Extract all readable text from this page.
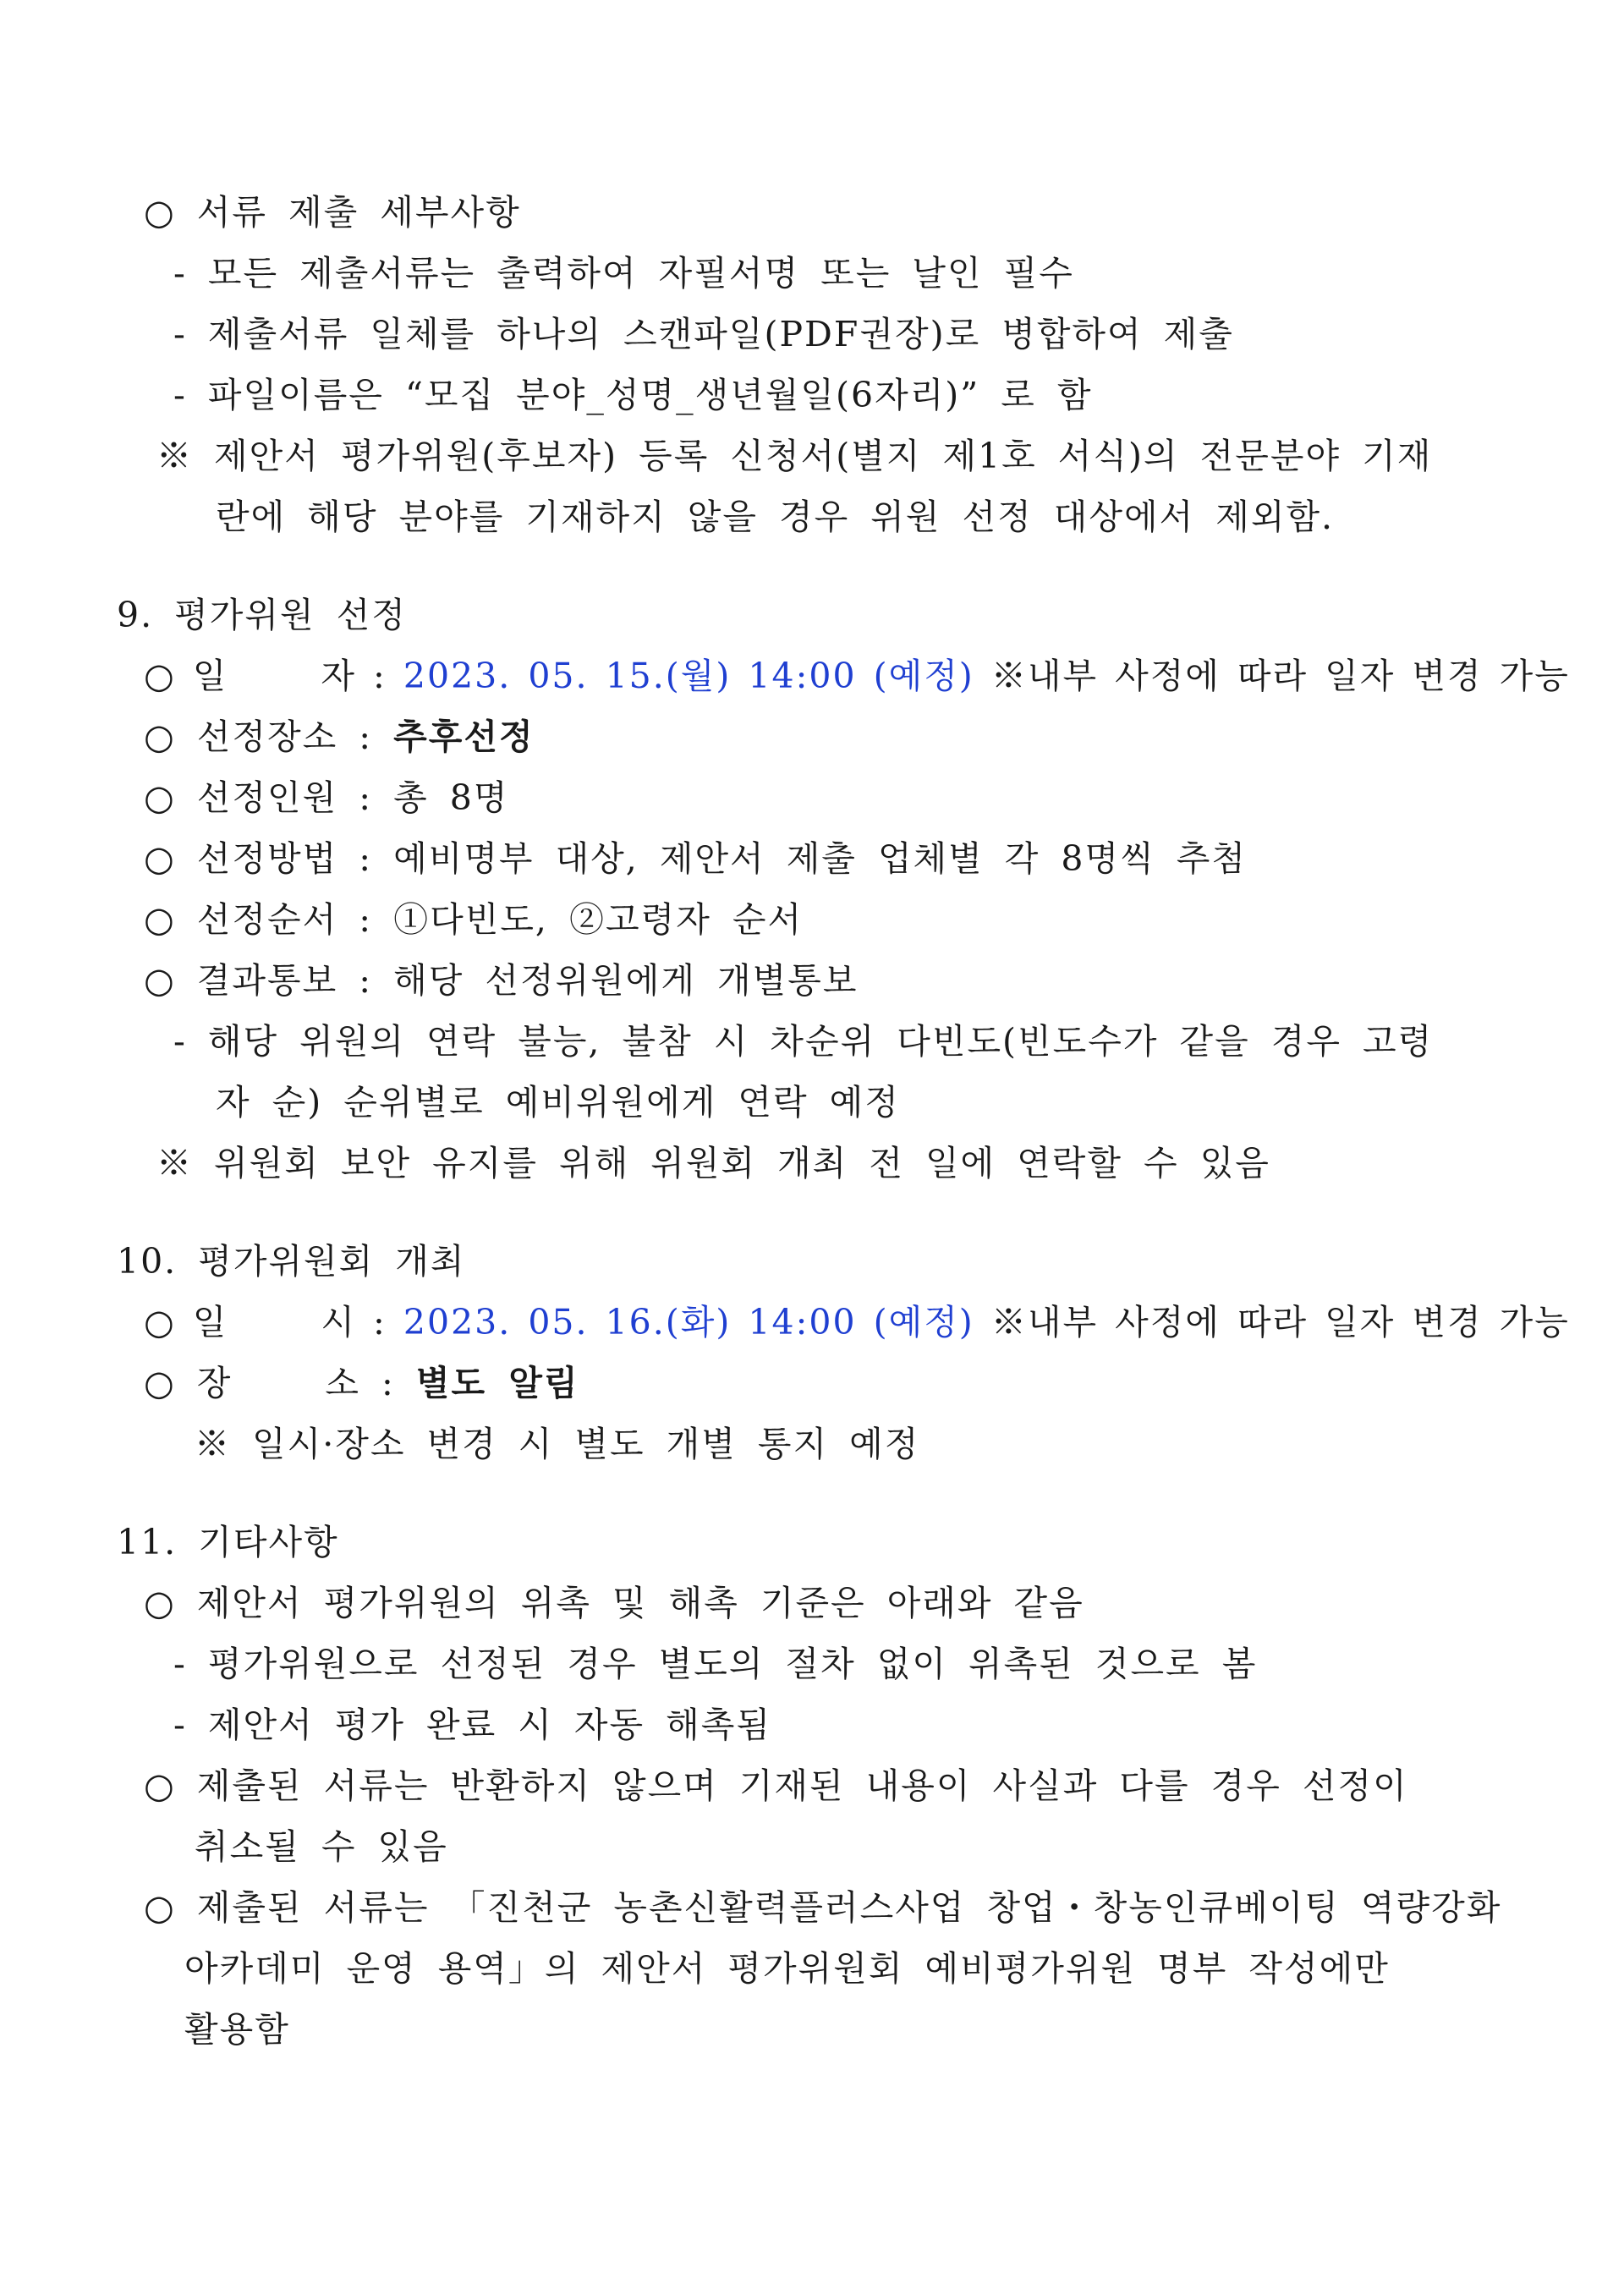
○ 서류 제출 세부사항

- 모든 제출서류는 출력하여 자필서명 또는 날인 필수

- 제출서류 일체를 하나의 스캔파일(PDF권장)로 병합하여 제출

- 파일이름은 “모집 분야_성명_생년월일(6자리)” 로 함

※ 제안서 평가위원(후보자) 등록 신청서(별지 제1호 서식)의 전문분야 기재

란에 해당 분야를 기재하지 않을 경우 위원 선정 대상에서 제외함.

9. 평가위원 선정

○ 일	자 : 2023. 05. 15.(월) 14:00 (예정) ※내부 사정에 따라 일자 변경 가능

○ 선정장소 : 추후선정

○ 선정인원 : 총 8명

○ 선정방법 : 예비명부 대상, 제안서 제출 업체별 각 8명씩 추첨

○ 선정순서 : ①다빈도, ②고령자 순서

○ 결과통보 : 해당 선정위원에게 개별통보

- 해당 위원의 연락 불능, 불참 시 차순위 다빈도(빈도수가 같을 경우 고령

자 순) 순위별로 예비위원에게 연락 예정

※ 위원회 보안 유지를 위해 위원회 개최 전 일에 연락할 수 있음

10. 평가위원회 개최

○ 일	시 : 2023. 05. 16.(화) 14:00 (예정) ※내부 사정에 따라 일자 변경 가능

○ 장	소 : 별도 알림

※ 일시·장소 변경 시 별도 개별 통지 예정

11. 기타사항

○ 제안서 평가위원의 위촉 및 해촉 기준은 아래와 같음

- 평가위원으로 선정된 경우 별도의 절차 없이 위촉된 것으로 봄

- 제안서 평가 완료 시 자동 해촉됨

○ 제출된 서류는 반환하지 않으며 기재된 내용이 사실과 다를 경우 선정이

취소될 수 있음

○ 제출된 서류는 「진천군 농촌신활력플러스사업 창업・창농인큐베이팅 역량강화

아카데미 운영 용역」의 제안서 평가위원회 예비평가위원 명부 작성에만

활용함
